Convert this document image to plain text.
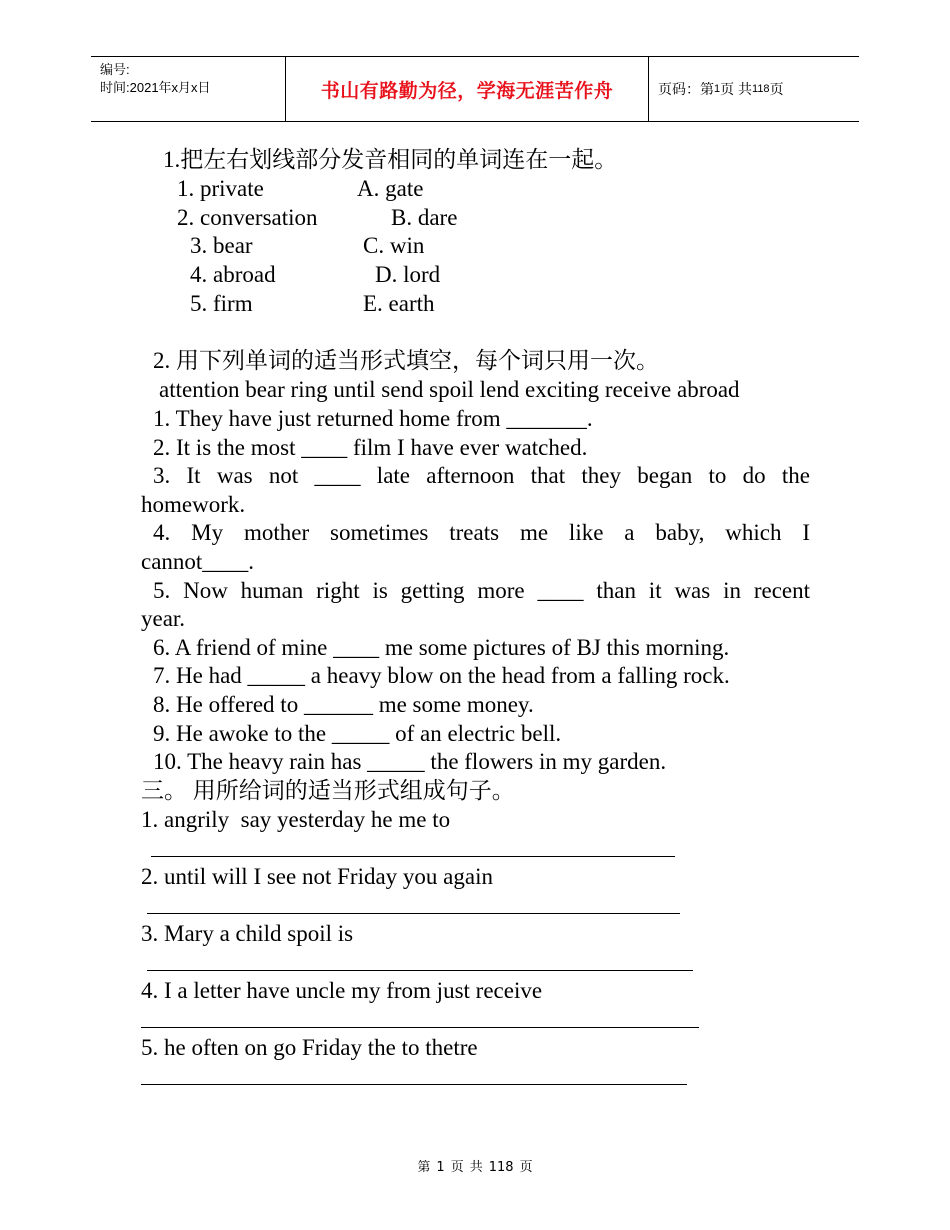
编号:
时间:2021年x月x日	书山有路勤为径，学海无涯苦作舟	页码：第 1 页 共 118 页
1.把左右划线部分发音相同的单词连在一起。
1. private	A. gate
2. conversation	B. dare
3. bear	C. win
4. abroad	D. lord
5. firm	E. earth
2. 用下列单词的适当形式填空，每个词只用一次。
attention bear ring until send spoil lend exciting receive abroad
1. They have just returned home from _______.
2. It is the most ____ film I have ever watched.
3. It was not ____ late afternoon that they began to do the
homework.
4. My mother sometimes treats me like a baby, which I
cannot____.
5. Now human right is getting more ____ than it was in recent
year.
6. A friend of mine ____ me some pictures of BJ this morning.
7. He had _____ a heavy blow on the head from a falling rock.
8. He offered to ______ me some money.
9. He awoke to the _____ of an electric bell.
10. The heavy rain has _____ the flowers in my garden.
三。 用所给词的适当形式组成句子。
1. angrily  say yesterday he me to
2. until will I see not Friday you again
3. Mary a child spoil is
4. I a letter have uncle my from just receive
5. he often on go Friday the to thetre
第 1 页 共 118 页
